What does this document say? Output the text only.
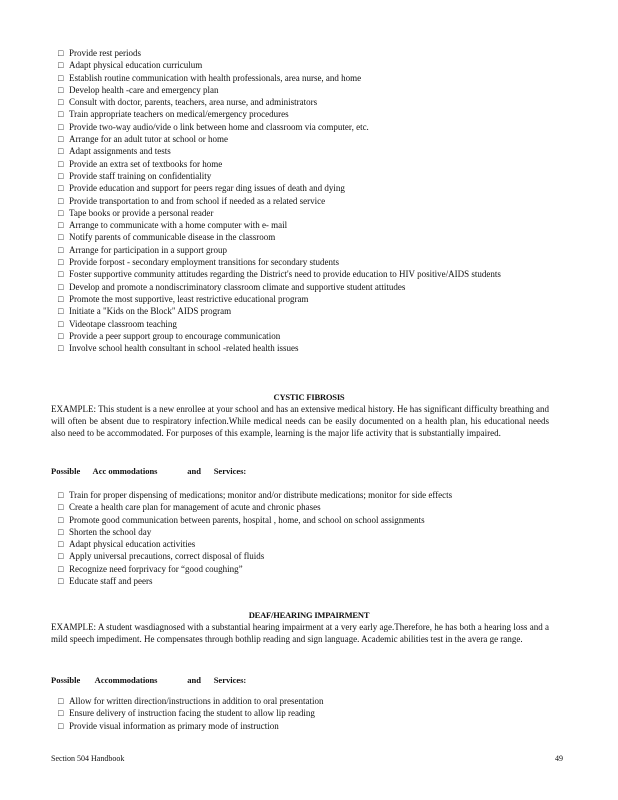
□ Provide rest periods
□ Adapt physical education curriculum
□ Establish routine communication with health professionals, area nurse, and home
□ Develop health -care and emergency plan
□ Consult with doctor, parents, teachers, area nurse, and administrators
□ Train appropriate teachers on medical/emergency procedures
□ Provide two-way audio/vide o link between home and classroom via computer, etc.
□ Arrange for an adult tutor at school or home
□ Adapt assignments and tests
□ Provide an extra set of textbooks for home
□ Provide staff training on confidentiality
□ Provide education and support for peers regar ding issues of death and dying
□ Provide transportation to and from school if needed as a related service
□ Tape books or provide a personal reader
□ Arrange to communicate with a home computer with e- mail
□ Notify parents of communicable disease in the classroom
□ Arrange for participation in a support group
□ Provide forpost - secondary employment transitions for secondary students
□ Foster supportive community attitudes regarding the District's need to provide education to HIV positive/AIDS students
□ Develop and promote a nondiscriminatory classroom climate and supportive student attitudes
□ Promote the most supportive, least restrictive educational program
□ Initiate a "Kids on the Block" AIDS program
□ Videotape classroom teaching
□ Provide a peer support group to encourage communication
□ Involve school health consultant in school -related health issues
CYSTIC FIBROSIS

EXAMPLE: This student is a new enrollee at your school and has an extensive medical history. He has significant difficulty breathing and will often be absent due to respiratory infection.While medical needs can be easily documented on a health plan, his educational needs also need to be accommodated. For purposes of this example, learning is the major life activity that is substantially impaired.

Possible      Acc ommodations              and      Services:
□ Train for proper dispensing of medications; monitor and/or distribute medications; monitor for side effects
□ Create a health care plan for management of acute and chronic phases
□ Promote good communication between parents, hospital , home, and school on school assignments
□ Shorten the school day
□ Adapt physical education activities
□ Apply universal precautions, correct disposal of fluids
□ Recognize need forprivacy for “good coughing”
□ Educate staff and peers
DEAF/HEARING IMPAIRMENT

EXAMPLE: A student wasdiagnosed with a substantial hearing impairment at a very early age.Therefore, he has both a hearing loss and a mild speech impediment. He compensates through bothlip reading and sign language. Academic abilities test in the avera ge range.

Possible       Accommodations              and      Services:
□ Allow for written direction/instructions in addition to oral presentation
□ Ensure delivery of instruction facing the student to allow lip reading
□ Provide visual information as primary mode of instruction
Section 504 Handbook	49
